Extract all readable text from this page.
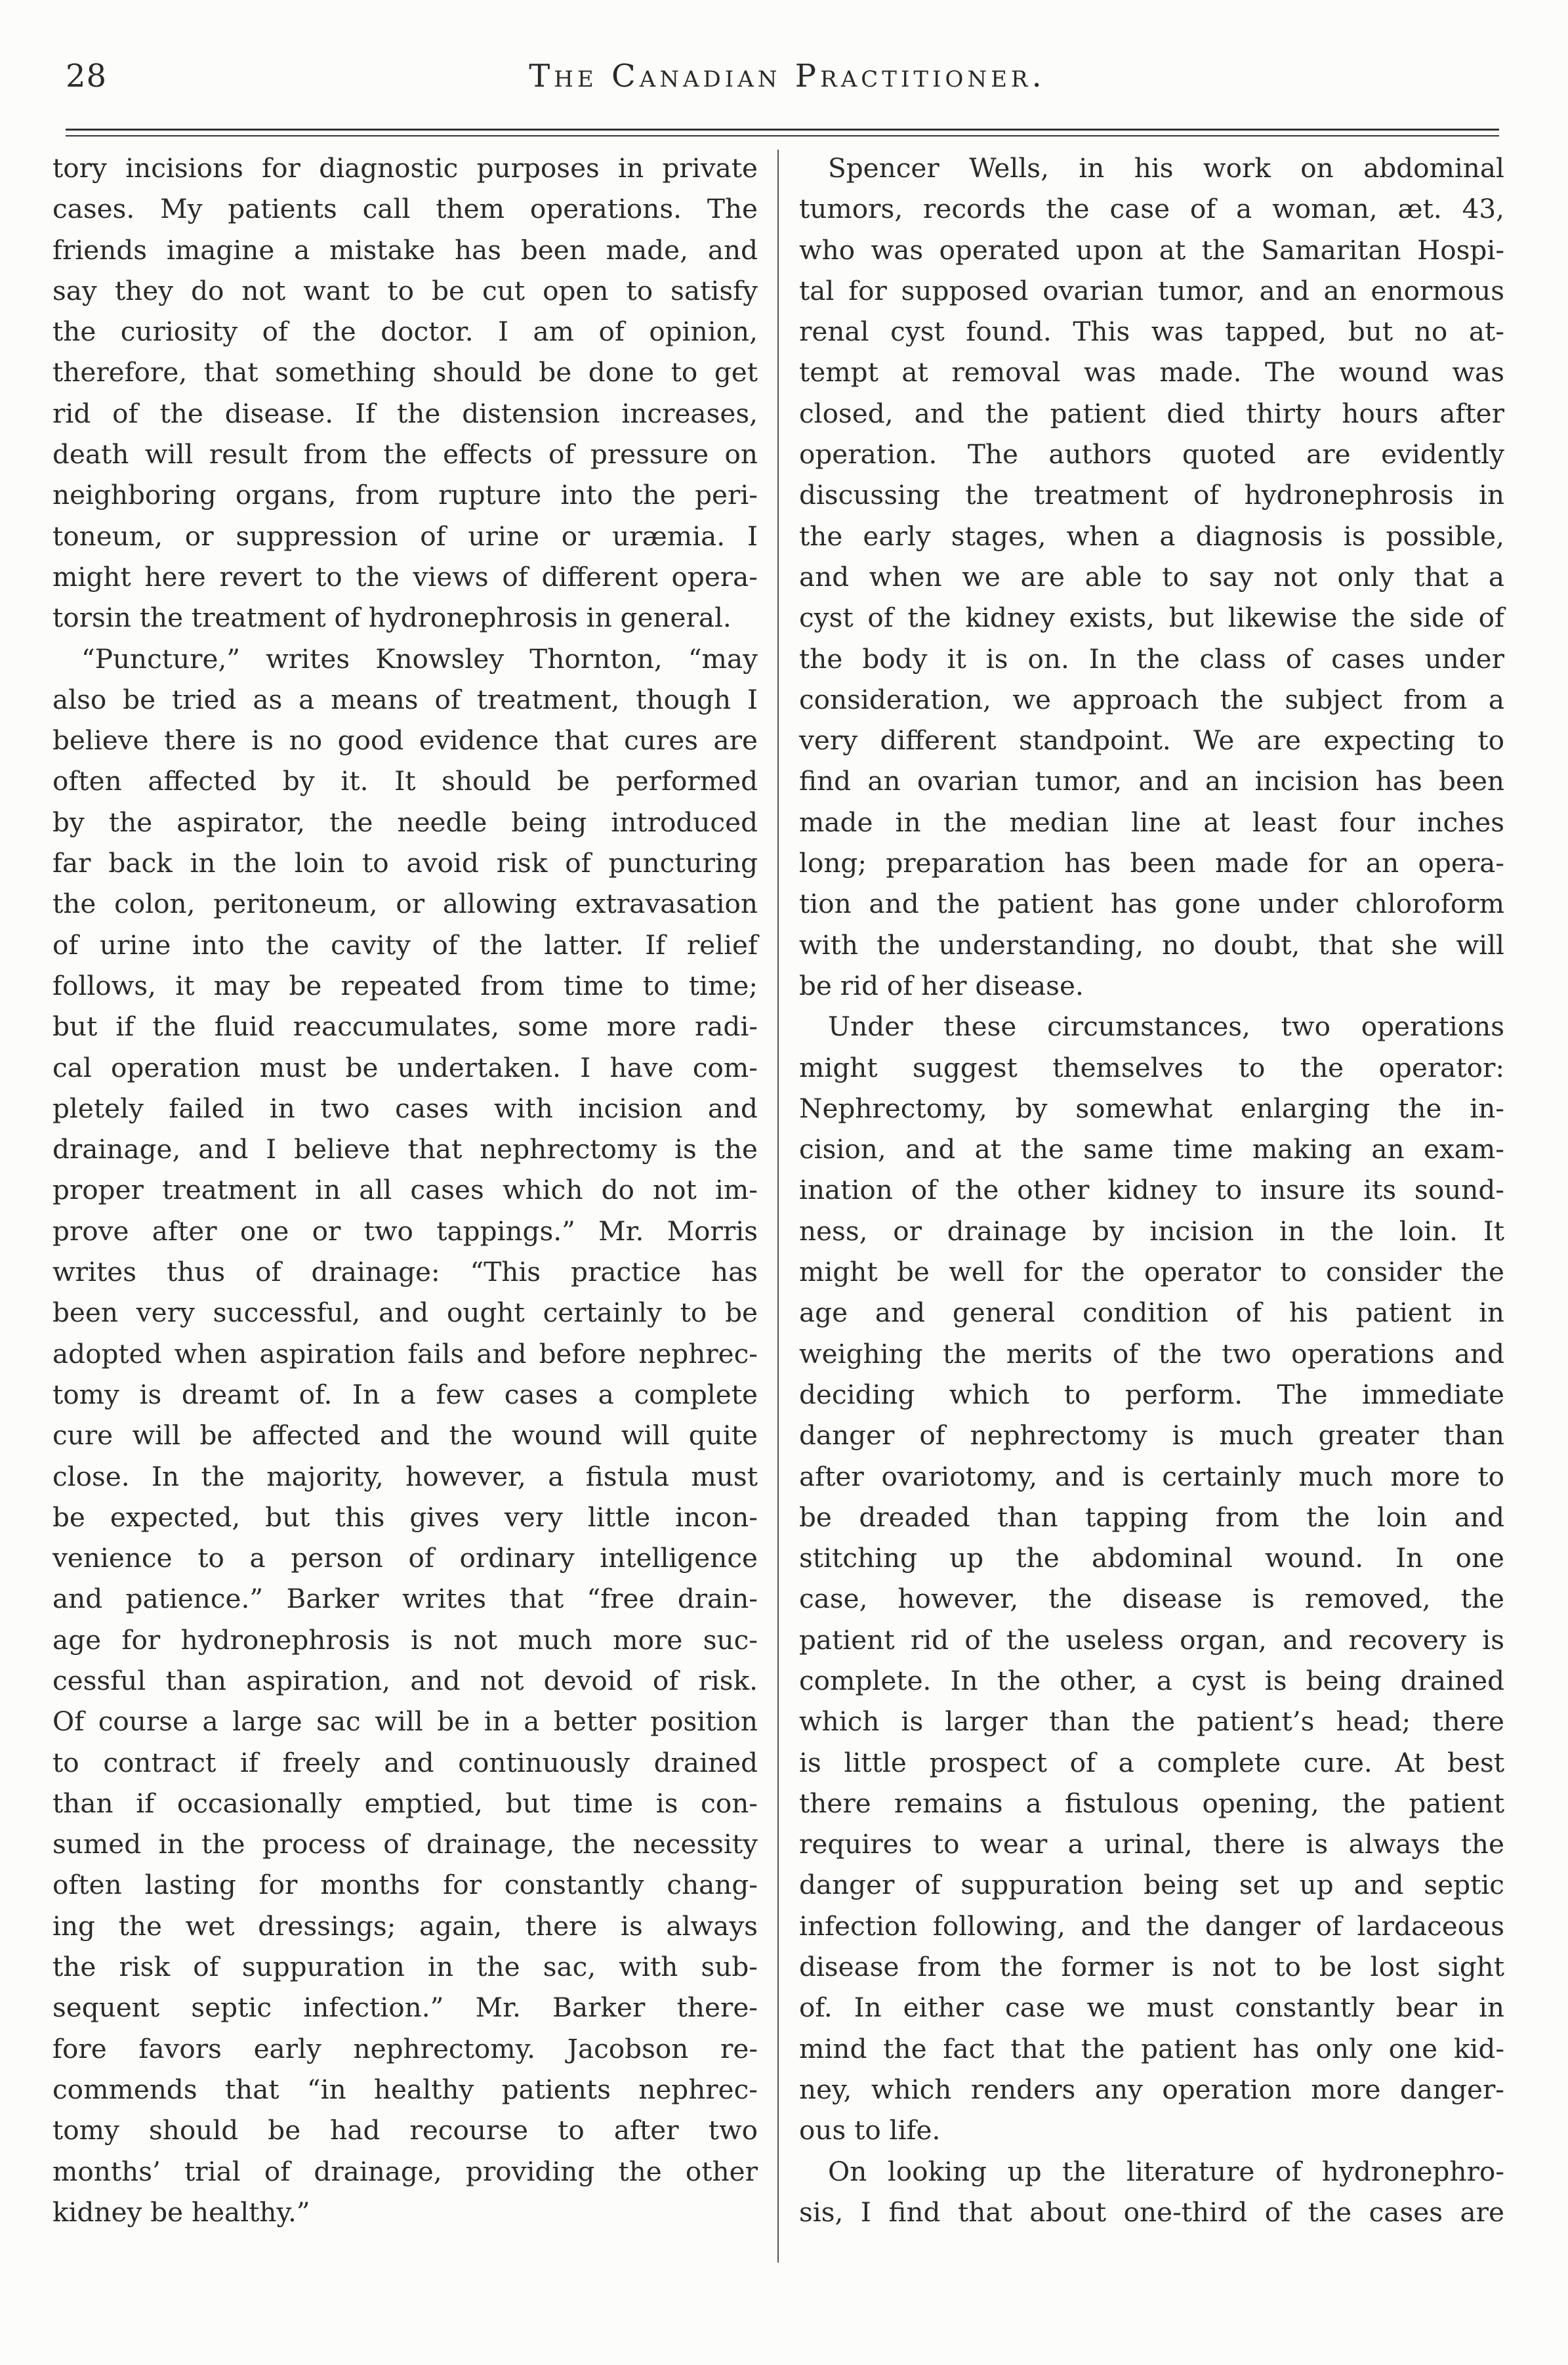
28	The Canadian Practitioner.
tory incisions for diagnostic purposes in private
cases. My patients call them operations. The
friends imagine a mistake has been made, and
say they do not want to be cut open to satisfy
the curiosity of the doctor. I am of opinion,
therefore, that something should be done to get
rid of the disease. If the distension increases,
death will result from the effects of pressure on
neighboring organs, from rupture into the peri-
toneum, or suppression of urine or uræmia. I
might here revert to the views of different opera-
torsin the treatment of hydronephrosis in general.
“Puncture,” writes Knowsley Thornton, “may
also be tried as a means of treatment, though I
believe there is no good evidence that cures are
often affected by it. It should be performed
by the aspirator, the needle being introduced
far back in the loin to avoid risk of puncturing
the colon, peritoneum, or allowing extravasation
of urine into the cavity of the latter. If relief
follows, it may be repeated from time to time;
but if the fluid reaccumulates, some more radi-
cal operation must be undertaken. I have com-
pletely failed in two cases with incision and
drainage, and I believe that nephrectomy is the
proper treatment in all cases which do not im-
prove after one or two tappings.” Mr. Morris
writes thus of drainage: “This practice has
been very successful, and ought certainly to be
adopted when aspiration fails and before nephrec-
tomy is dreamt of. In a few cases a complete
cure will be affected and the wound will quite
close. In the majority, however, a fistula must
be expected, but this gives very little incon-
venience to a person of ordinary intelligence
and patience.” Barker writes that “free drain-
age for hydronephrosis is not much more suc-
cessful than aspiration, and not devoid of risk.
Of course a large sac will be in a better position
to contract if freely and continuously drained
than if occasionally emptied, but time is con-
sumed in the process of drainage, the necessity
often lasting for months for constantly chang-
ing the wet dressings; again, there is always
the risk of suppuration in the sac, with sub-
sequent septic infection.” Mr. Barker there-
fore favors early nephrectomy. Jacobson re-
commends that “in healthy patients nephrec-
tomy should be had recourse to after two
months’ trial of drainage, providing the other
kidney be healthy.”
Spencer Wells, in his work on abdominal
tumors, records the case of a woman, æt. 43,
who was operated upon at the Samaritan Hospi-
tal for supposed ovarian tumor, and an enormous
renal cyst found. This was tapped, but no at-
tempt at removal was made. The wound was
closed, and the patient died thirty hours after
operation. The authors quoted are evidently
discussing the treatment of hydronephrosis in
the early stages, when a diagnosis is possible,
and when we are able to say not only that a
cyst of the kidney exists, but likewise the side of
the body it is on. In the class of cases under
consideration, we approach the subject from a
very different standpoint. We are expecting to
find an ovarian tumor, and an incision has been
made in the median line at least four inches
long; preparation has been made for an opera-
tion and the patient has gone under chloroform
with the understanding, no doubt, that she will
be rid of her disease.
Under these circumstances, two operations
might suggest themselves to the operator:
Nephrectomy, by somewhat enlarging the in-
cision, and at the same time making an exam-
ination of the other kidney to insure its sound-
ness, or drainage by incision in the loin. It
might be well for the operator to consider the
age and general condition of his patient in
weighing the merits of the two operations and
deciding which to perform. The immediate
danger of nephrectomy is much greater than
after ovariotomy, and is certainly much more to
be dreaded than tapping from the loin and
stitching up the abdominal wound. In one
case, however, the disease is removed, the
patient rid of the useless organ, and recovery is
complete. In the other, a cyst is being drained
which is larger than the patient’s head; there
is little prospect of a complete cure. At best
there remains a fistulous opening, the patient
requires to wear a urinal, there is always the
danger of suppuration being set up and septic
infection following, and the danger of lardaceous
disease from the former is not to be lost sight
of. In either case we must constantly bear in
mind the fact that the patient has only one kid-
ney, which renders any operation more danger-
ous to life.
On looking up the literature of hydronephro-
sis, I find that about one-third of the cases are
